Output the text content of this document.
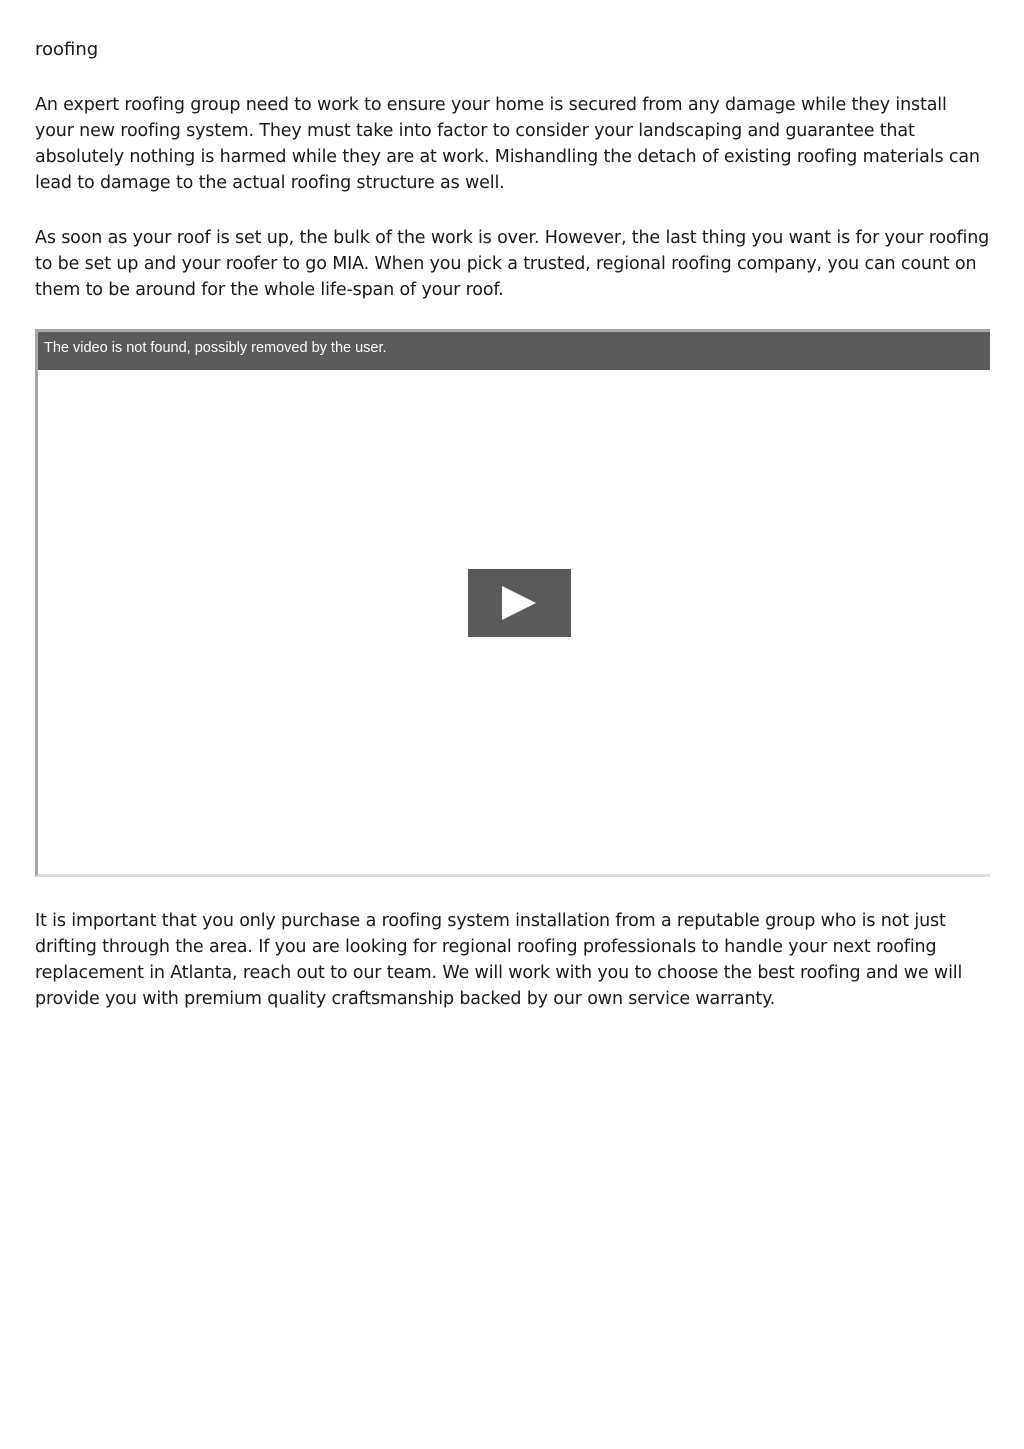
roofing

An expert roofing group need to work to ensure your home is secured from any damage while they install your new roofing system. They must take into factor to consider your landscaping and guarantee that absolutely nothing is harmed while they are at work. Mishandling the detach of existing roofing materials can lead to damage to the actual roofing structure as well.

As soon as your roof is set up, the bulk of the work is over. However, the last thing you want is for your roofing to be set up and your roofer to go MIA. When you pick a trusted, regional roofing company, you can count on them to be around for the whole life-span of your roof.

The video is not found, possibly removed by the user.

It is important that you only purchase a roofing system installation from a reputable group who is not just drifting through the area. If you are looking for regional roofing professionals to handle your next roofing replacement in Atlanta, reach out to our team. We will work with you to choose the best roofing and we will provide you with premium quality craftsmanship backed by our own service warranty.
